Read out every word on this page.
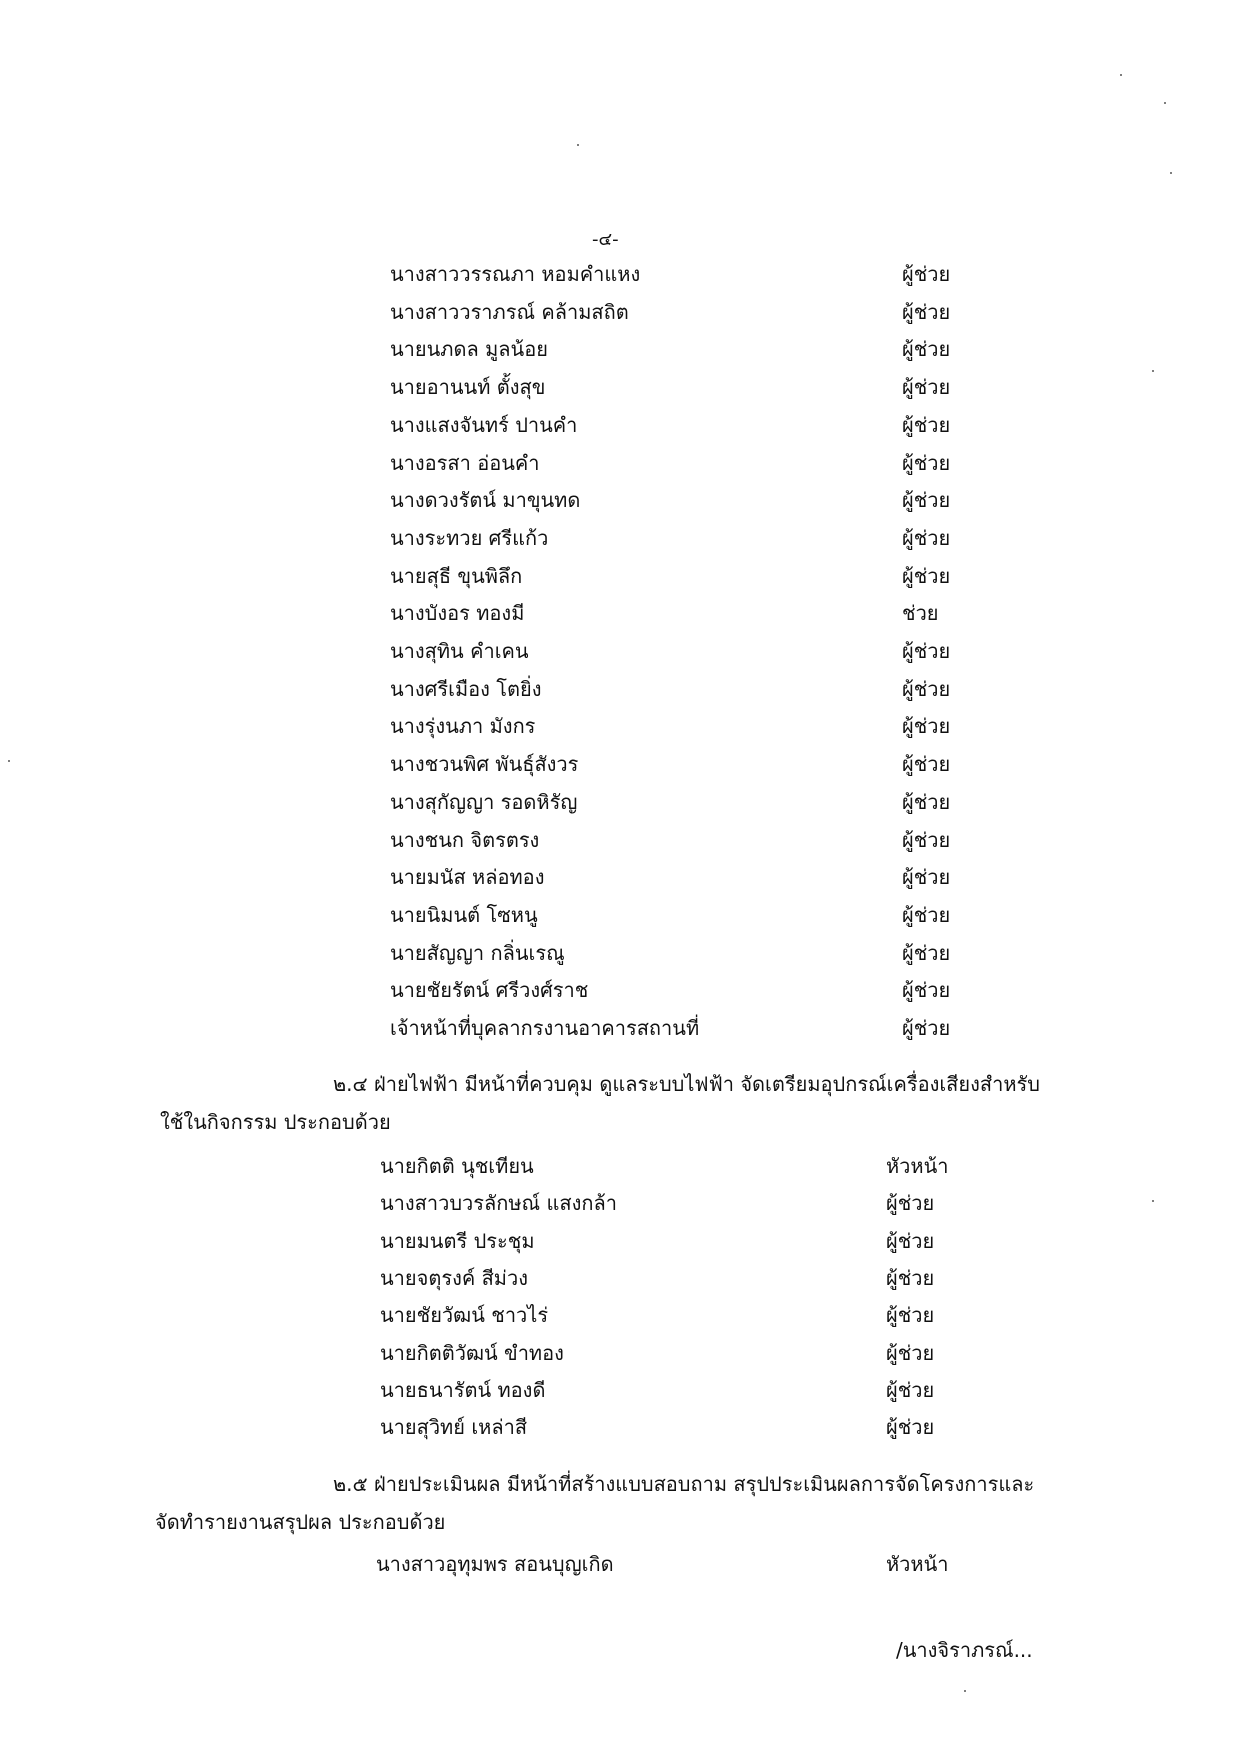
-๔-
นางสาววรรณภา หอมคำแหง	ผู้ช่วย
นางสาววราภรณ์ คล้ามสถิต	ผู้ช่วย
นายนภดล มูลน้อย	ผู้ช่วย
นายอานนท์ ตั้งสุข	ผู้ช่วย
นางแสงจันทร์ ปานคำ	ผู้ช่วย
นางอรสา อ่อนคำ	ผู้ช่วย
นางดวงรัตน์ มาขุนทด	ผู้ช่วย
นางระทวย ศรีแก้ว	ผู้ช่วย
นายสุธี ขุนพิลึก	ผู้ช่วย
นางบังอร ทองมี	ช่วย
นางสุทิน คำเคน	ผู้ช่วย
นางศรีเมือง โตยิ่ง	ผู้ช่วย
นางรุ่งนภา มังกร	ผู้ช่วย
นางชวนพิศ พันธุ์สังวร	ผู้ช่วย
นางสุกัญญา รอดหิรัญ	ผู้ช่วย
นางชนก จิตรตรง	ผู้ช่วย
นายมนัส หล่อทอง	ผู้ช่วย
นายนิมนต์ โซหนู	ผู้ช่วย
นายสัญญา กลิ่นเรณู	ผู้ช่วย
นายชัยรัตน์ ศรีวงศ์ราช	ผู้ช่วย
เจ้าหน้าที่บุคลากรงานอาคารสถานที่	ผู้ช่วย
๒.๔ ฝ่ายไฟฟ้า มีหน้าที่ควบคุม ดูแลระบบไฟฟ้า จัดเตรียมอุปกรณ์เครื่องเสียงสำหรับ
ใช้ในกิจกรรม ประกอบด้วย
นายกิตติ นุชเทียน	หัวหน้า
นางสาวบวรลักษณ์ แสงกล้า	ผู้ช่วย
นายมนตรี ประชุม	ผู้ช่วย
นายจตุรงค์ สีม่วง	ผู้ช่วย
นายชัยวัฒน์ ชาวไร่	ผู้ช่วย
นายกิตติวัฒน์ ขำทอง	ผู้ช่วย
นายธนารัตน์ ทองดี	ผู้ช่วย
นายสุวิทย์ เหล่าสี	ผู้ช่วย
๒.๕ ฝ่ายประเมินผล มีหน้าที่สร้างแบบสอบถาม สรุปประเมินผลการจัดโครงการและ
จัดทำรายงานสรุปผล ประกอบด้วย
นางสาวอุทุมพร สอนบุญเกิด	หัวหน้า
/นางจิราภรณ์...
